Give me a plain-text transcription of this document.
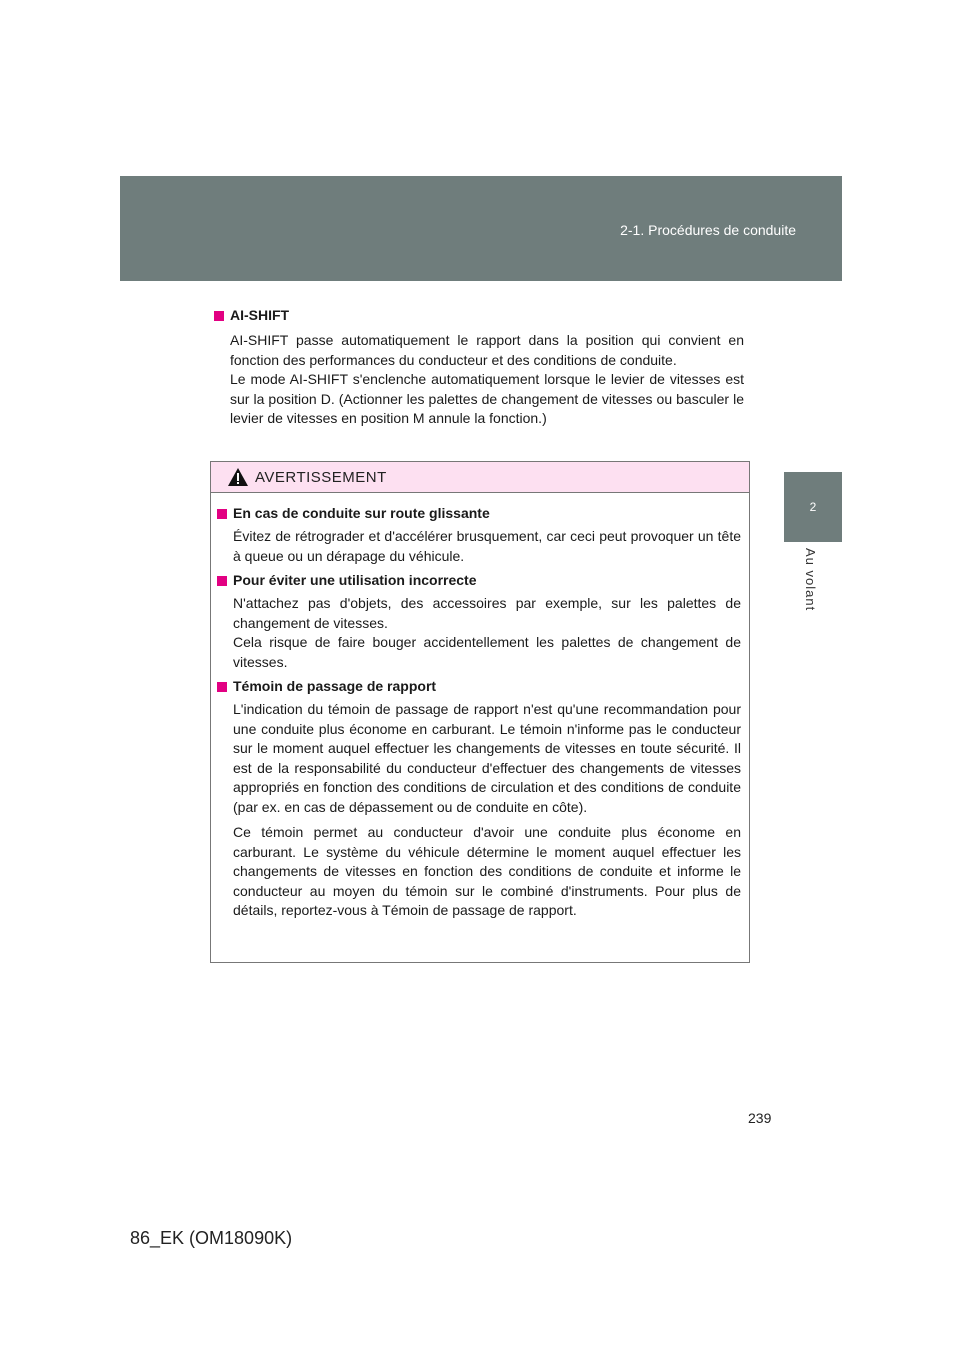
2-1. Procédures de conduite
2
Au volant
AI-SHIFT

AI-SHIFT passe automatiquement le rapport dans la position qui convient en fonction des performances du conducteur et des conditions de conduite.
Le mode AI-SHIFT s'enclenche automatiquement lorsque le levier de vitesses est sur la position D. (Actionner les palettes de changement de vitesses ou basculer le levier de vitesses en position M annule la fonction.)

AVERTISSEMENT
En cas de conduite sur route glissante

Évitez de rétrograder et d'accélérer brusquement, car ceci peut provoquer un tête à queue ou un dérapage du véhicule.

Pour éviter une utilisation incorrecte

N'attachez pas d'objets, des accessoires par exemple, sur les palettes de changement de vitesses.
Cela risque de faire bouger accidentellement les palettes de changement de vitesses.

Témoin de passage de rapport

L'indication du témoin de passage de rapport n'est qu'une recommandation pour une conduite plus économe en carburant. Le témoin n'informe pas le conducteur sur le moment auquel effectuer les changements de vitesses en toute sécurité. Il est de la responsabilité du conducteur d'effectuer des changements de vitesses appropriés en fonction des conditions de circulation et des conditions de conduite (par ex. en cas de dépassement ou de conduite en côte).

Ce témoin permet au conducteur d'avoir une conduite plus économe en carburant. Le système du véhicule détermine le moment auquel effectuer les changements de vitesses en fonction des conditions de conduite et informe le conducteur au moyen du témoin sur le combiné d'instruments. Pour plus de détails, reportez-vous à Témoin de passage de rapport.

239
86_EK (OM18090K)
